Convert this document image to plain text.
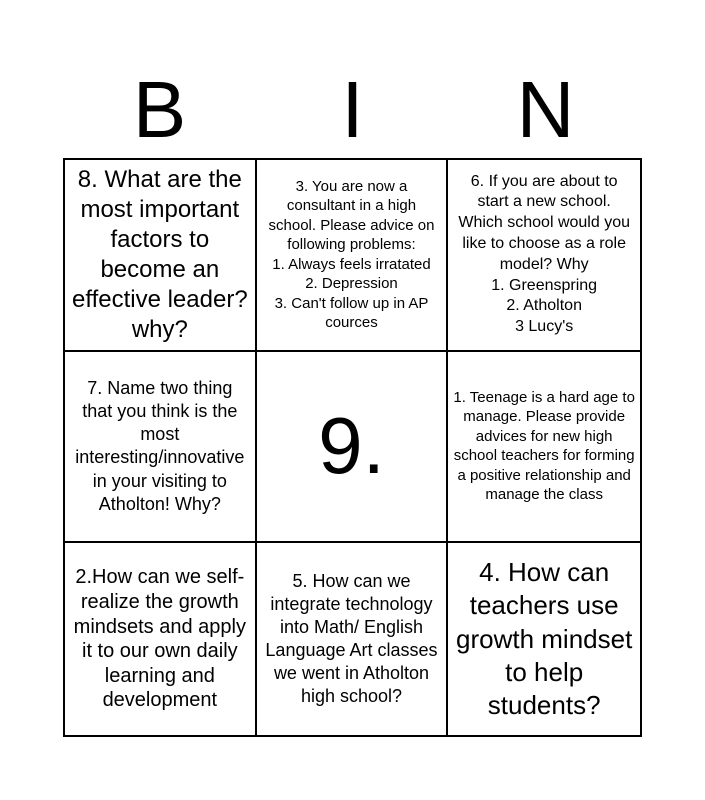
B	I	N
8. What are the most important factors to become an effective leader? why?
3. You are now a consultant in a high school. Please advice on following problems:
1. Always feels irratated
2. Depression
3. Can't follow up in AP cources
6. If you are about to start a new school. Which school would you like to choose as a role model? Why
1. Greenspring
2. Atholton
3 Lucy's
7. Name two thing that you think is the most interesting/innovative in your visiting to Atholton! Why?
9.
1. Teenage is a hard age to manage. Please provide advices for new high school teachers for forming a positive relationship and manage the class
2.How can we self-realize the growth mindsets and apply it to our own daily learning and development
5. How can we integrate technology into Math/ English Language Art classes we went in Atholton high school?
4. How can teachers use growth mindset to help students?
